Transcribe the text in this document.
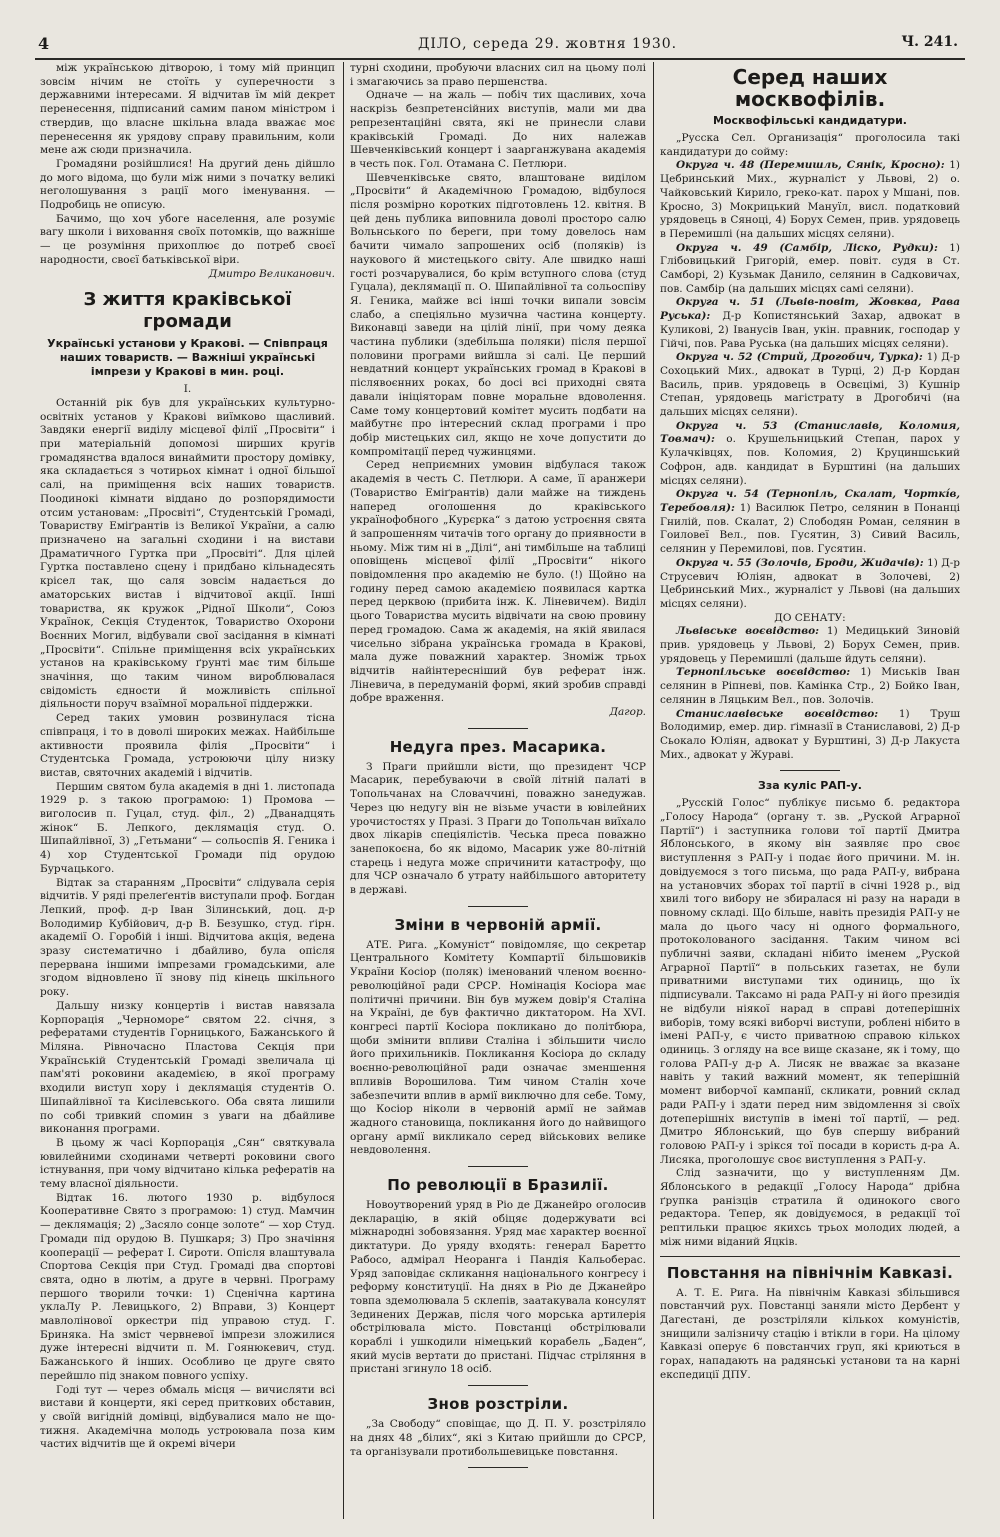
4	ДІЛО, середа 29. жовтня 1930.	Ч. 241.

між українською дітворою, і тому мій принцип зовсім нічим не стоїть у суперечности з державними інтересами. Я відчитав їм мій декрет перенесення, підписаний самим паном міністром і ствердив, що власне шкільна влада вважає моє перенесення як урядову справу правильним, коли мене аж сюди призначила.

Громадяни розійшлися! На другий день дійшло до мого відома, що були між ними з початку великі неголошування з рації мого іменування. — Подробиць не описую.

Бачимо, що хоч убоге населення, але розуміє вагу школи і виховання своїх потомків, що важніше — це розуміння прихоплює до потреб своєї народности, своєї батьківської віри.

Дмитро Великанович.

З життя краківської громади
Українські установи у Кракові. — Співпраця наших товариств. — Важніші українські імпрези у Кракові в мин. році.

I.

Останній рік був для українських культурно-освітніх установ у Кракові виїмково щасливий. Завдяки енергії виділу місцевої філії „Просвіти“ і при матеріальній допомозі ширших кругів громадянства вдалося винаймити простору домівку, яка складається з чотирьох кімнат і одної більшої салі, на приміщення всіх наших товариств. Поодинокі кімнати віддано до розпорядимости отсим установам: „Просвіті“, Студентській Громаді, Товариству Еміґрантів із Великої України, а салю призначено на загальні сходини і на вистави Драматичного Гуртка при „Просвіті“. Для цілей Гуртка поставлено сцену і придбано кільнадесять крісел так, що саля зовсім надається до аматорських вистав і відчитової акції. Інші товариства, як кружок „Рідної Школи“, Союз Українок, Секція Студенток, Товариство Охорони Воєнних Могил, відбували свої засідання в кімнаті „Просвіти“. Спільне приміщення всіх українських установ на краківському ґрунті має тим більше значіння, що таким чином вироблювалася свідомість єдности й можливість спільної діяльности поруч взаїмної моральної піддержки.

Серед таких умовин розвинулася тісна співпраця, і то в доволі широких межах. Найбільше активности проявила філія „Просвіти“ і Студентська Громада, устроюючи цілу низку вистав, святочних академій і відчитів.

Першим святом була академія в дні 1. листопада 1929 р. з такою програмою: 1) Промова — виголосив п. Гуцал, студ. філ., 2) „Дванадцять жінок“ Б. Лепкого, деклямація студ. О. Шипайлівної, 3) „Гетьмани“ — сольоспів Я. Геника і 4) хор Студентської Громади під орудою Бурчацького.

Відтак за старанням „Просвіти“ слідувала серія відчитів. У ряді прелеґентів виступали проф. Богдан Лепкий, проф. д-р Іван Зілинський, доц. д-р Володимир Кубійович, д-р В. Безушко, студ. ґірн. академії О. Горобій і інші. Відчитова акція, ведена зразу систематично і дбайливо, була опісля перервана іншими імпрезами громадськими, але згодом відновлено її знову під кінець шкільного року.

Дальшу низку концертів і вистав навязала Корпорація „Черноморе“ святом 22. січня, з рефератами студентів Горницького, Бажанського й Міляна. Рівночасно Пластова Секція при Українській Студентській Громаді звеличала ці пам'яті роковини академією, в якої програму входили виступ хору і деклямація студентів О. Шипайлівної та Кисілевського. Оба свята лишили по собі тривкий спомин з уваги на дбайливе виконання програми.

В цьому ж часі Корпорація „Сян“ святкувала ювилейними сходинами четверті роковини свого істнування, при чому відчитано кілька рефератів на тему власної діяльности.

Відтак 16. лютого 1930 р. відбулося Кооперативне Свято з програмою: 1) студ. Мамчин — деклямація; 2) „Засяло сонце золоте“ — хор Студ. Громади під орудою В. Пушкаря; 3) Про значіння кооперації — реферат І. Сироти. Опісля влаштувала Спортова Секція при Студ. Громаді два спортові свята, одно в лютім, а друге в червні. Програму першого творили точки: 1) Сценічна картина уклаЛу Р. Левицького, 2) Вправи, 3) Концерт мавлолінової оркестри під управою студ. Г. Бриняка. На зміст червневої імпрези зложилися дуже інтересні відчити п. М. Гоянюкевич, студ. Бажанського й інших. Особливо це друге свято перейшло під знаком повного успіху.

Годі тут — через обмаль місця — вичисляти всі вистави й концерти, які серед приткових обставин, у своїй вигідній домівці, відбувалися мало не що-тижня. Академічна молодь устроювала поза ким частих відчитів ще й окремі вічери

турні сходини, пробуючи власних сил на цьому полі і змагаючись за право першенства.

Одначе — на жаль — побіч тих щасливих, хоча наскрізь безпретенсійних виступів, мали ми два репрезентаційні свята, які не принесли слави краківській Громаді. До них належав Шевченківський концерт і заарганжувана академія в честь пок. Гол. Отамана С. Петлюри.

Шевченківське свято, влаштоване виділом „Просвіти“ й Академічною Громадою, відбулося після розмірно коротких підготовлень 12. квітня. В цей день публика виповнила доволі просторо салю Вольнського по береги, при тому довелось нам бачити чимало запрошених осіб (поляків) із наукового й мистецького світу. Але швидко наші гості розчарувалися, бо крім вступного слова (студ Гуцала), деклямації п. О. Шипайлівної та сольоспіву Я. Геника, майже всі інші точки випали зовсім слабо, а спеціяльно музична частина концерту. Виконавці заведи на цілій лінії, при чому деяка частина публики (здебільша поляки) після першої половини програми вийшла зі салі. Це перший невдатний концерт українських громад в Кракові в післявоєнних роках, бо досі всі приходні свята давали ініціяторам повне моральне вдоволення. Саме тому концертовий комітет мусить подбати на майбутнє про інтересний склад програми і про добір мистецьких сил, якщо не хоче допустити до компромітації перед чужинцями.

Серед неприємних умовин відбулася також академія в честь С. Петлюри. А саме, її аранжери (Товариство Еміґрантів) дали майже на тиждень наперед оголошення до краківського українофобного „Курєрка“ з датою устроєння свята й запрошенням читачів того органу до приявности в ньому. Між тим ні в „Ділі“, ані тимбільше на таблиці оповіщень місцевої філії „Просвіти“ нікого повідомлення про академію не було. (!) Щойно на годину перед самою академією появилася картка перед церквою (прибита інж. К. Ліневичем). Виділ цього Товариства мусить відвічати на свою провину перед громадою. Сама ж академія, на якій явилася чисельно зібрана українська громада в Кракові, мала дуже поважний характер. Зноміж трьох відчитів найінтересніший був реферат інж. Ліневича, в передуманій формі, який зробив справді добре враження.

Дагор.

Недуга през. Масарика.

З Праги прийшли вісти, що президент ЧСР Масарик, перебуваючи в своїй літній палаті в Топольчанах на Словаччині, поважно занедужав. Через цю недугу він не візьме участи в ювілейних урочистостях у Празі. З Праги до Топольчан виїхало двох лікарів спеціялістів. Чеська преса поважно занепокоєна, бо як відомо, Масарик уже 80-літній старець і недуга може спричинити катастрофу, що для ЧСР означало б утрату найбільшого авторитету в державі.

Зміни в червоній армії.

АТЕ. Рига. „Комуніст“ повідомляє, що секретар Центрального Комітету Компартії більшовиків України Косіор (поляк) іменований членом воєнно-революційної ради СРСР. Номінація Косіора має політичні причини. Він був мужем довір'я Сталіна на Україні, де був фактично диктатором. На XVI. конгресі партії Косіора покликано до політбюра, щоби змінити впливи Сталіна і збільшити число його прихильників. Покликання Косіора до складу воєнно-революційної ради означає зменшення впливів Ворошилова. Тим чином Сталін хоче забезпечити вплив в армії виключно для себе. Тому, що Косіор ніколи в червоній армії не займав жадного становища, покликання його до найвищого органу армії викликало серед військових велике невдоволення.

По революції в Бразилії.

Новоутворений уряд в Ріо де Джанейро оголосив декларацію, в якій обіцяє додержувати всі міжнародні зобовязання. Уряд має характер воєнної диктатури. До уряду входять: генерал Баретто Рабосо, адмірал Неоранга і Пандія Кальоберас. Уряд заповідає скликання національного конгресу і реформу конституції. На днях в Ріо де Джанейро товпа здемолювала 5 склепів, заатакувала консулят Зединених Держав, після чого морська артилерія обстрілювала місто. Повстанці обстрілювали кораблі і ушкодили німецький корабель „Баден“, який мусів вертати до пристані. Підчас стріляння в пристані згинуло 18 осіб.

Знов розстріли.

„За Свободу“ сповіщає, що Д. П. У. розстріляло на днях 48 „білих“, які з Китаю прийшли до СРСР, та організували протибольшевицьке повстання.

Серед наших москвофілів.
Москвофільські кандидатури.

„Русска Сел. Организація“ проголосила такі кандидатури до сойму:

Округа ч. 48 (Перемишль, Сянік, Кросно): 1) Цебринський Мих., журналіст у Львові, 2) о. Чайковський Кирило, греко-кат. парох у Мшані, пов. Кросно, 3) Мокрицький Мануїл, висл. податковий урядовець в Сяноці, 4) Борух Семен, прив. урядовець в Перемишлі (на дальших місцях селяни).

Округа ч. 49 (Самбір, Ліско, Рудки): 1) Глібовицький Григорій, емер. повіт. судя в Ст. Самборі, 2) Кузьмак Данило, селянин в Садковичах, пов. Самбір (на дальших місцях самі селяни).

Округа ч. 51 (Львів-повіт, Жовква, Рава Руська): Д-р Копистянський Захар, адвокат в Куликові, 2) Іванусів Іван, укін. правник, господар у Гійчі, пов. Рава Руська (на дальших місцях селяни).

Округа ч. 52 (Стрий, Дрогобич, Турка): 1) Д-р Сохоцький Мих., адвокат в Турці, 2) Д-р Кордан Василь, прив. урядовець в Освєцімі, 3) Кушнір Степан, урядовець магістрату в Дрогобичі (на дальших місцях селяни).

Округа ч. 53 (Станиславів, Коломия, Товмач): о. Крушельницький Степан, парох у Кулачківцях, пов. Коломия, 2) Круциншський Софрон, адв. кандидат в Бурштині (на дальших місцях селяни).

Округа ч. 54 (Тернопіль, Скалат, Чорткі́в, Теребовля): 1) Василюк Петро, селянин в Понанці Гнилій, пов. Скалат, 2) Слободян Роман, селянин в Гоиловеї Вел., пов. Гусятин, 3) Сивий Василь, селянин у Перемилові, пов. Гусятин.

Округа ч. 55 (Золочів, Броди, Жидачів): 1) Д-р Струсевич Юліян, адвокат в Золочеві, 2) Цебринський Мих., журналіст у Львові (на дальших місцях селяни).

ДО СЕНАТУ:

Львівське воєвідство: 1) Медицький Зиновій прив. урядовець у Львові, 2) Борух Семен, прив. урядовець у Перемишлі (дальше йдуть селяни).

Тернопільське воєвідство: 1) Миськів Іван селянин в Ріпневі, пов. Камінка Стр., 2) Бойко Іван, селянин в Ляцьким Вел., пов. Золочів.

Станиславівське воєвідство: 1) Труш Володимир, емер. дир. ґімназії в Станиславові, 2) Д-р Сьокало Юліян, адвокат у Бурштині, 3) Д-р Лакуста Мих., адвокат у Жураві.

Зза куліс РАП-у.

„Русскій Голос“ публікує письмо б. редактора „Голосу Народа“ (органу т. зв. „Руской Аграрної Партії“) і заступника голови тої партії Дмитра Яблонського, в якому він заявляє про своє виступлення з РАП-у і подає його причини. М. ін. довідуємося з того письма, що рада РАП-у, вибрана на установчих зборах тої партії в січні 1928 р., від хвилі того вибору не збиралася ні разу на наради в повному складі. Що більше, навіть президія РАП-у не мала до цього часу ні одного формального, протоколованого засідання. Таким чином всі публичні заяви, складані нібито іменем „Руской Аграрної Партії“ в польських газетах, не були приватними виступами тих одиниць, що їх підписували. Таксамо ні рада РАП-у ні його президія не відбули ніякої нарад в справі дотеперішніх виборів, тому всякі виборчі виступи, роблені нібито в імені РАП-у, є чисто приватною справою кількох одиниць. З огляду на все вище сказане, як і тому, що голова РАП-у д-р А. Лисяк не вважає за вказане навіть у такий важний момент, як теперішній момент виборчої кампанії, скликати, ровний склад ради РАП-у і здати перед ним звідомлення зі своїх дотеперішніх виступів в імені тої партії, — ред. Дмитро Яблонський, що був спершу вибраний головою РАП-у і зрікся тої посади в користь д-ра А. Лисяка, проголошує своє виступлення з РАП-у.

Слід зазначити, що у виступленням Дм. Яблонського в редакції „Голосу Народа“ дрібна ґрупка ранізців стратила й одинокого свого редактора. Тепер, як довідуємося, в редакції тої рептильки працює якихсь трьох молодих людей, а між ними віданий Яцків.

Повстання на північнім Кавказі.

А. Т. Е. Рига. На північнім Кавказі збільшився повстанчий рух. Повстанці заняли місто Дербент у Дагестані, де розстріляли кількох комуністів, знищили залізничу стацію і втікли в гори. На цілому Кавказі оперує 6 повстанчих груп, які криються в горах, нападають на радянські установи та на карні експедиції ДПУ.
